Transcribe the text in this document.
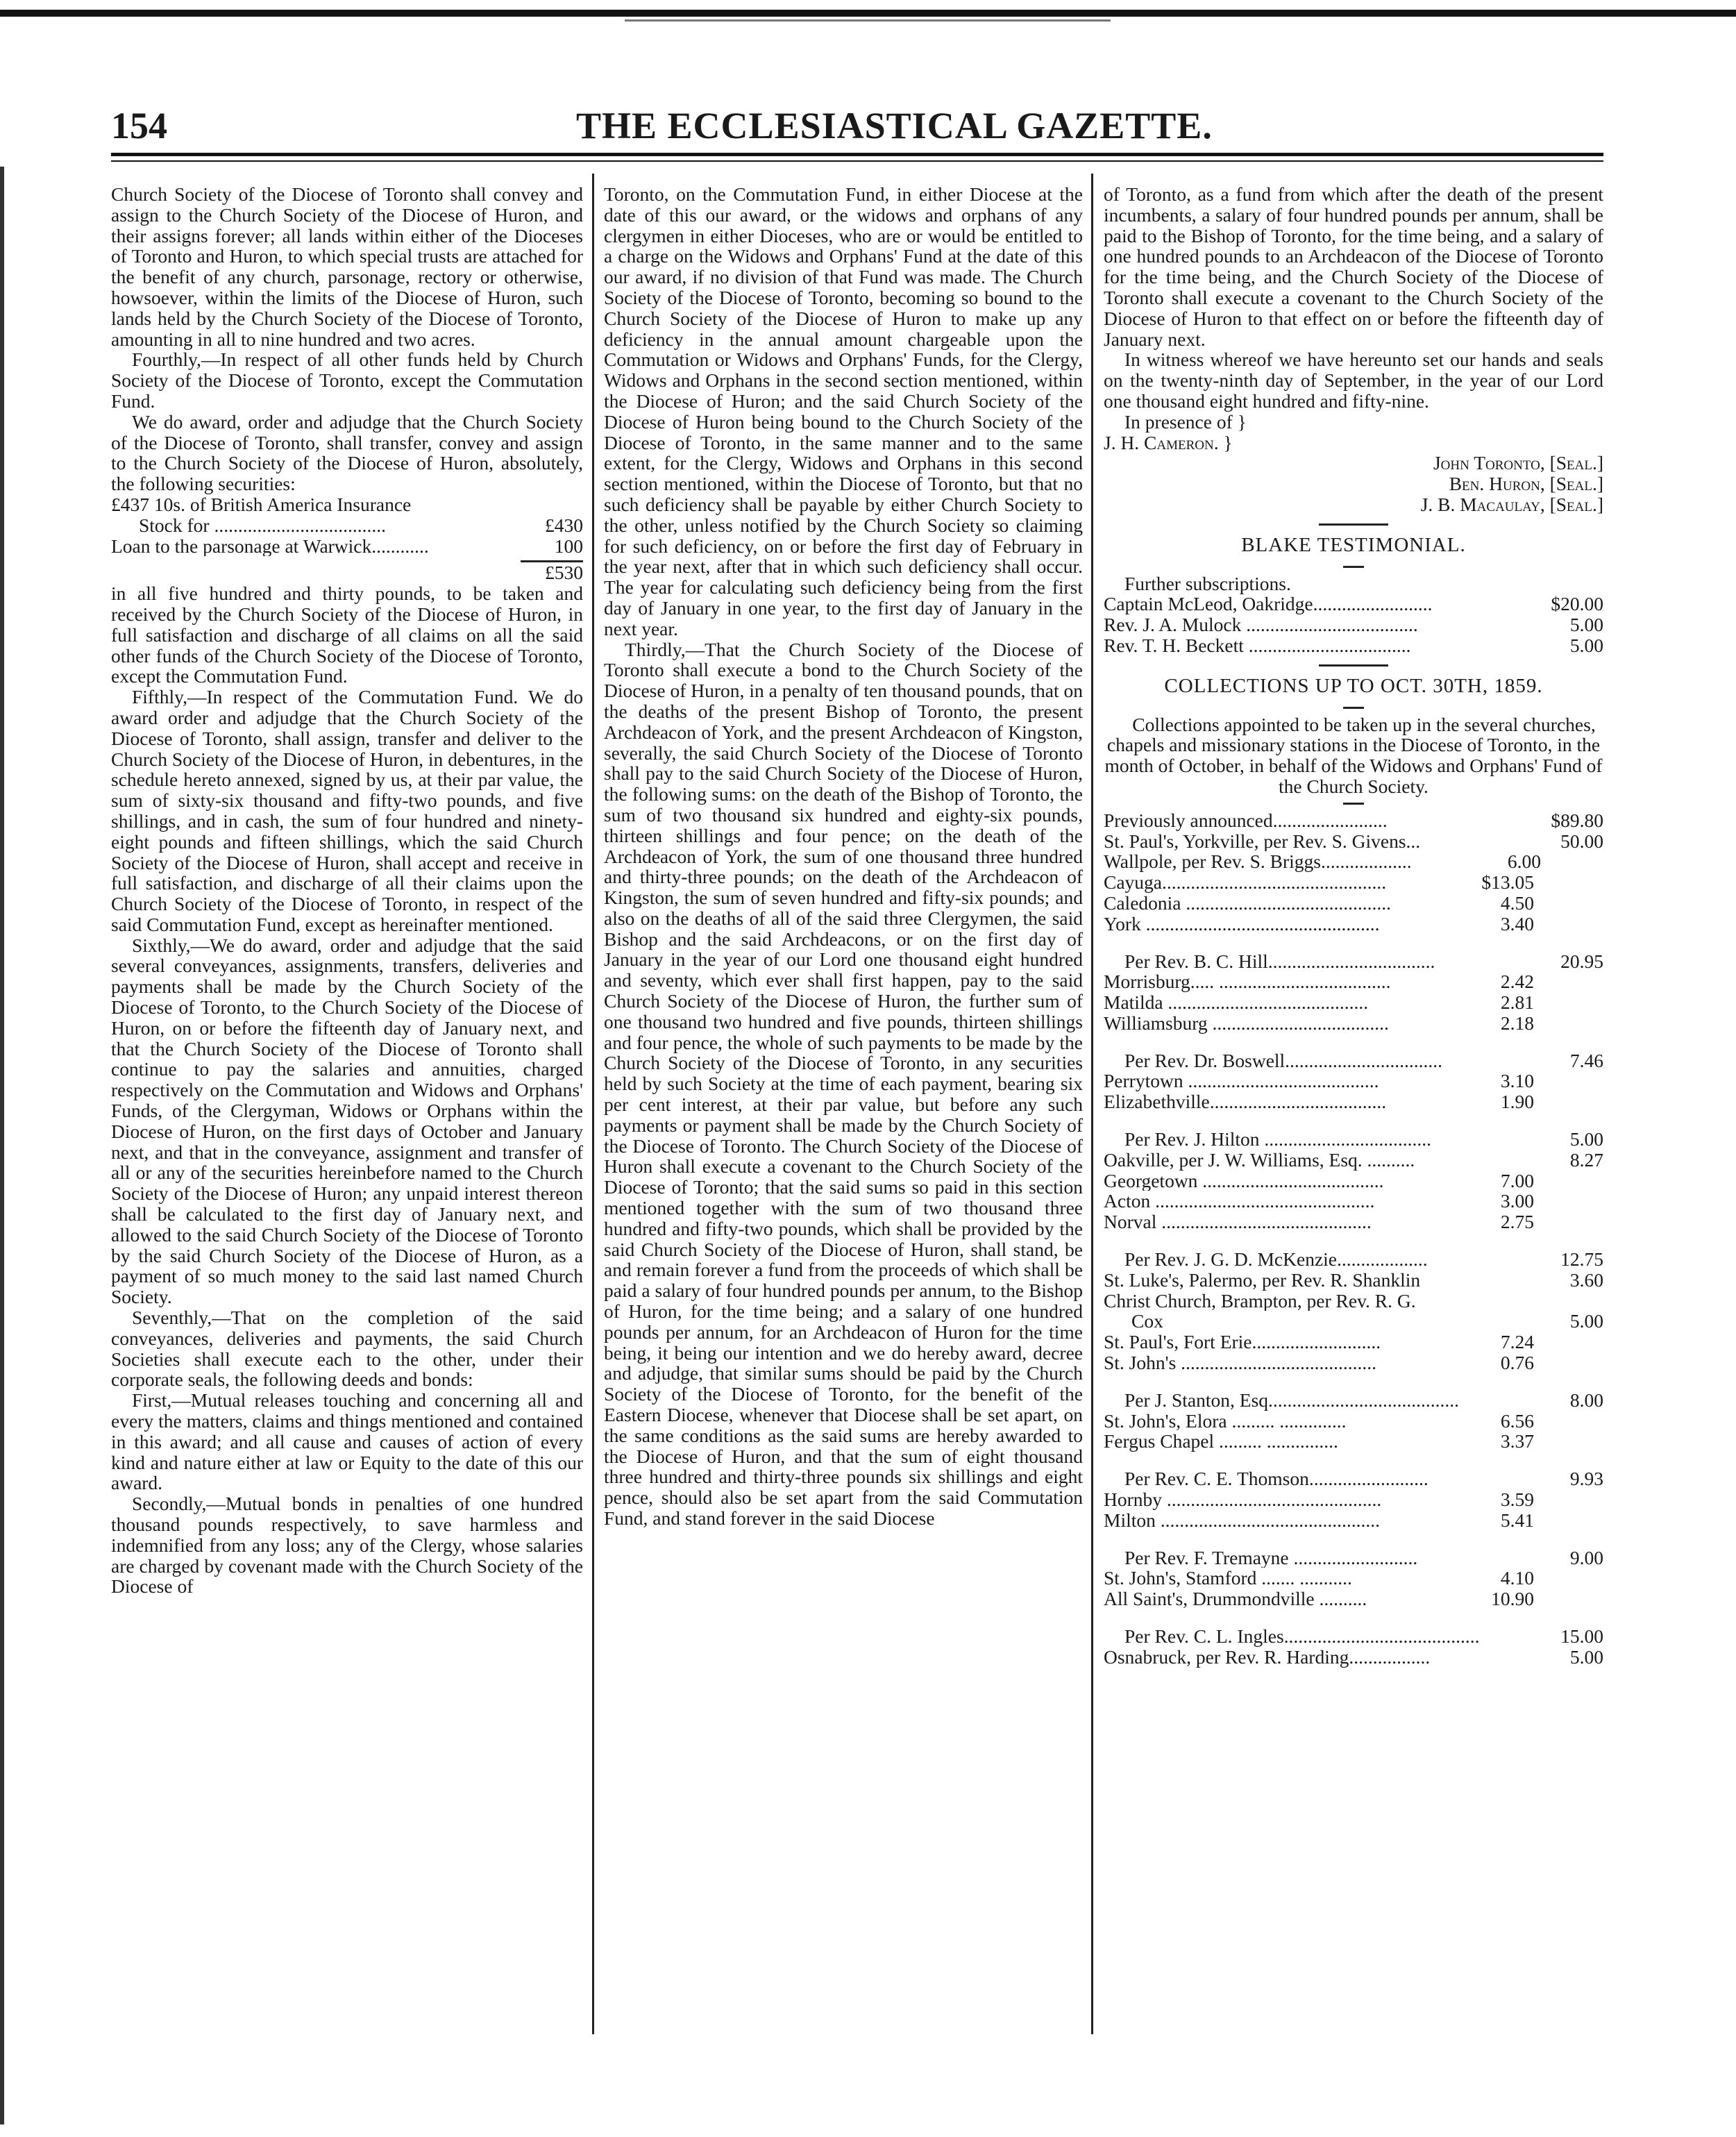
154	THE ECCLESIASTICAL GAZETTE.

Church Society of the Diocese of Toronto shall convey and assign to the Church Society of the Diocese of Huron, and their assigns forever; all lands within either of the Dioceses of Toronto and Huron, to which special trusts are attached for the benefit of any church, parsonage, rectory or otherwise, howsoever, within the limits of the Diocese of Huron, such lands held by the Church Society of the Diocese of Toronto, amounting in all to nine hundred and two acres.

Fourthly,—In respect of all other funds held by Church Society of the Diocese of Toronto, except the Commutation Fund.

We do award, order and adjudge that the Church Society of the Diocese of Toronto, shall transfer, convey and assign to the Church Society of the Diocese of Huron, absolutely, the following securities:

£437 10s. of British America Insurance
Stock for ....................................	£430
Loan to the parsonage at Warwick............	100
£530

in all five hundred and thirty pounds, to be taken and received by the Church Society of the Diocese of Huron, in full satisfaction and discharge of all claims on all the said other funds of the Church Society of the Diocese of Toronto, except the Commutation Fund.

Fifthly,—In respect of the Commutation Fund. We do award order and adjudge that the Church Society of the Diocese of Toronto, shall assign, transfer and deliver to the Church Society of the Diocese of Huron, in debentures, in the schedule hereto annexed, signed by us, at their par value, the sum of sixty-six thousand and fifty-two pounds, and five shillings, and in cash, the sum of four hundred and ninety-eight pounds and fifteen shillings, which the said Church Society of the Diocese of Huron, shall accept and receive in full satisfaction, and discharge of all their claims upon the Church Society of the Diocese of Toronto, in respect of the said Commutation Fund, except as hereinafter mentioned.

Sixthly,—We do award, order and adjudge that the said several conveyances, assignments, transfers, deliveries and payments shall be made by the Church Society of the Diocese of Toronto, to the Church Society of the Diocese of Huron, on or before the fifteenth day of January next, and that the Church Society of the Diocese of Toronto shall continue to pay the salaries and annuities, charged respectively on the Commutation and Widows and Orphans' Funds, of the Clergyman, Widows or Orphans within the Diocese of Huron, on the first days of October and January next, and that in the conveyance, assignment and transfer of all or any of the securities hereinbefore named to the Church Society of the Diocese of Huron; any unpaid interest thereon shall be calculated to the first day of January next, and allowed to the said Church Society of the Diocese of Toronto by the said Church Society of the Diocese of Huron, as a payment of so much money to the said last named Church Society.

Seventhly,—That on the completion of the said conveyances, deliveries and payments, the said Church Societies shall execute each to the other, under their corporate seals, the following deeds and bonds:

First,—Mutual releases touching and concerning all and every the matters, claims and things mentioned and contained in this award; and all cause and causes of action of every kind and nature either at law or Equity to the date of this our award.

Secondly,—Mutual bonds in penalties of one hundred thousand pounds respectively, to save harmless and indemnified from any loss; any of the Clergy, whose salaries are charged by covenant made with the Church Society of the Diocese of

Toronto, on the Commutation Fund, in either Diocese at the date of this our award, or the widows and orphans of any clergymen in either Dioceses, who are or would be entitled to a charge on the Widows and Orphans' Fund at the date of this our award, if no division of that Fund was made. The Church Society of the Diocese of Toronto, becoming so bound to the Church Society of the Diocese of Huron to make up any deficiency in the annual amount chargeable upon the Commutation or Widows and Orphans' Funds, for the Clergy, Widows and Orphans in the second section mentioned, within the Diocese of Huron; and the said Church Society of the Diocese of Huron being bound to the Church Society of the Diocese of Toronto, in the same manner and to the same extent, for the Clergy, Widows and Orphans in this second section mentioned, within the Diocese of Toronto, but that no such deficiency shall be payable by either Church Society to the other, unless notified by the Church Society so claiming for such deficiency, on or before the first day of February in the year next, after that in which such deficiency shall occur. The year for calculating such deficiency being from the first day of January in one year, to the first day of January in the next year.

Thirdly,—That the Church Society of the Diocese of Toronto shall execute a bond to the Church Society of the Diocese of Huron, in a penalty of ten thousand pounds, that on the deaths of the present Bishop of Toronto, the present Archdeacon of York, and the present Archdeacon of Kingston, severally, the said Church Society of the Diocese of Toronto shall pay to the said Church Society of the Diocese of Huron, the following sums: on the death of the Bishop of Toronto, the sum of two thousand six hundred and eighty-six pounds, thirteen shillings and four pence; on the death of the Archdeacon of York, the sum of one thousand three hundred and thirty-three pounds; on the death of the Archdeacon of Kingston, the sum of seven hundred and fifty-six pounds; and also on the deaths of all of the said three Clergymen, the said Bishop and the said Archdeacons, or on the first day of January in the year of our Lord one thousand eight hundred and seventy, which ever shall first happen, pay to the said Church Society of the Diocese of Huron, the further sum of one thousand two hundred and five pounds, thirteen shillings and four pence, the whole of such payments to be made by the Church Society of the Diocese of Toronto, in any securities held by such Society at the time of each payment, bearing six per cent interest, at their par value, but before any such payments or payment shall be made by the Church Society of the Diocese of Toronto. The Church Society of the Diocese of Huron shall execute a covenant to the Church Society of the Diocese of Toronto; that the said sums so paid in this section mentioned together with the sum of two thousand three hundred and fifty-two pounds, which shall be provided by the said Church Society of the Diocese of Huron, shall stand, be and remain forever a fund from the proceeds of which shall be paid a salary of four hundred pounds per annum, to the Bishop of Huron, for the time being; and a salary of one hundred pounds per annum, for an Archdeacon of Huron for the time being, it being our intention and we do hereby award, decree and adjudge, that similar sums should be paid by the Church Society of the Diocese of Toronto, for the benefit of the Eastern Diocese, whenever that Diocese shall be set apart, on the same conditions as the said sums are hereby awarded to the Diocese of Huron, and that the sum of eight thousand three hundred and thirty-three pounds six shillings and eight pence, should also be set apart from the said Commutation Fund, and stand forever in the said Diocese

of Toronto, as a fund from which after the death of the present incumbents, a salary of four hundred pounds per annum, shall be paid to the Bishop of Toronto, for the time being, and a salary of one hundred pounds to an Archdeacon of the Diocese of Toronto for the time being, and the Church Society of the Diocese of Toronto shall execute a covenant to the Church Society of the Diocese of Huron to that effect on or before the fifteenth day of January next.

In witness whereof we have hereunto set our hands and seals on the twenty-ninth day of September, in the year of our Lord one thousand eight hundred and fifty-nine.

In presence of }
J. H. Cameron. }
John Toronto, [Seal.]
Ben. Huron, [Seal.]
J. B. Macaulay, [Seal.]
BLAKE TESTIMONIAL.
Further subscriptions.
Captain McLeod, Oakridge.........................	$20.00
Rev. J. A. Mulock ....................................	5.00
Rev. T. H. Beckett ..................................	5.00
COLLECTIONS UP TO OCT. 30TH, 1859.

Collections appointed to be taken up in the several churches, chapels and missionary stations in the Diocese of Toronto, in the month of October, in behalf of the Widows and Orphans' Fund of the Church Society.

Previously announced........................	$89.80
St. Paul's, Yorkville, per Rev. S. Givens...	50.00
Wallpole, per Rev. S. Briggs...................	6.00
Cayuga...............................................	$13.05
Caledonia ...........................................	4.50
York .................................................	3.40
Per Rev. B. C. Hill...................................	20.95
Morrisburg..... ....................................	2.42
Matilda ..........................................	2.81
Williamsburg .....................................	2.18
Per Rev. Dr. Boswell.................................	7.46
Perrytown ........................................	3.10
Elizabethville.....................................	1.90
Per Rev. J. Hilton ...................................	5.00
Oakville, per J. W. Williams, Esq. ..........	8.27
Georgetown ......................................	7.00
Acton ..............................................	3.00
Norval ............................................	2.75
Per Rev. J. G. D. McKenzie...................	12.75
St. Luke's, Palermo, per Rev. R. Shanklin	3.60
Christ Church, Brampton, per Rev. R. G.
Cox	5.00
St. Paul's, Fort Erie...........................	7.24
St. John's .........................................	0.76
Per J. Stanton, Esq........................................	8.00
St. John's, Elora ......... ..............	6.56
Fergus Chapel ......... ...............	3.37
Per Rev. C. E. Thomson.........................	9.93
Hornby .............................................	3.59
Milton ..............................................	5.41
Per Rev. F. Tremayne ..........................	9.00
St. John's, Stamford ....... ...........	4.10
All Saint's, Drummondville ..........	10.90
Per Rev. C. L. Ingles.........................................	15.00
Osnabruck, per Rev. R. Harding.................	5.00
